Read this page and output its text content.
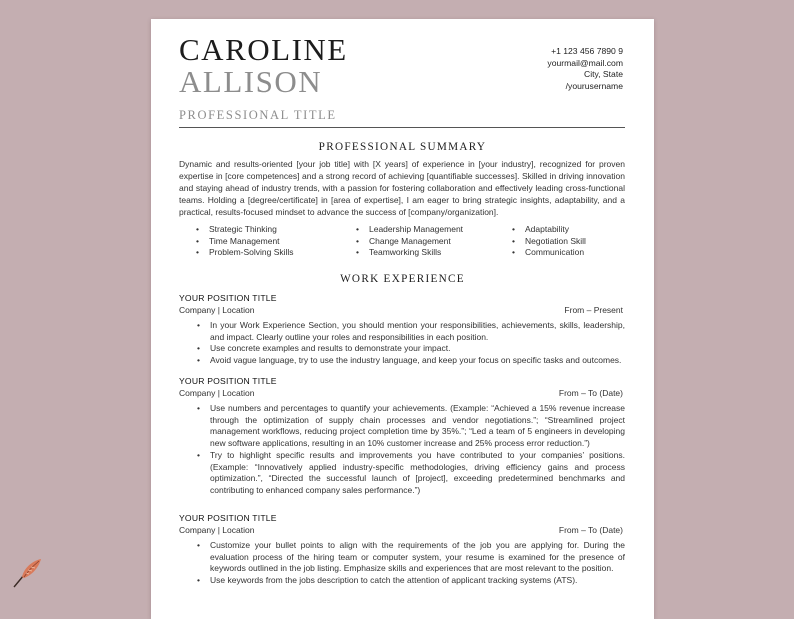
CAROLINE
ALLISON
PROFESSIONAL TITLE
+1 123 456 7890 9
yourmail@mail.com
City, State
/yourusername
PROFESSIONAL SUMMARY
Dynamic and results-oriented [your job title] with [X years] of experience in [your industry], recognized for proven expertise in [core competences] and a strong record of achieving [quantifiable successes]. Skilled in driving innovation and staying ahead of industry trends, with a passion for fostering collaboration and effectively leading cross-functional teams. Holding a [degree/certificate] in [area of expertise], I am eager to bring strategic insights, adaptability, and a practical, results-focused mindset to advance the success of [company/organization].
• Strategic Thinking
• Time Management
• Problem-Solving Skills
• Leadership Management
• Change Management
• Teamworking Skills
• Adaptability
• Negotiation Skill
• Communication
WORK EXPERIENCE
YOUR POSITION TITLE
Company | Location	From – Present
• In your Work Experience Section, you should mention your responsibilities, achievements, skills, leadership, and impact. Clearly outline your roles and responsibilities in each position.
• Use concrete examples and results to demonstrate your impact.
• Avoid vague language, try to use the industry language, and keep your focus on specific tasks and outcomes.
YOUR POSITION TITLE
Company | Location	From – To (Date)
• Use numbers and percentages to quantify your achievements. (Example: “Achieved a 15% revenue increase through the optimization of supply chain processes and vendor negotiations.”; “Streamlined project management workflows, reducing project completion time by 35%.”; “Led a team of 5 engineers in developing new software applications, resulting in an 10% customer increase and 25% process error reduction.”)
• Try to highlight specific results and improvements you have contributed to your companies’ positions. (Example: “Innovatively applied industry-specific methodologies, driving efficiency gains and process optimization.”, “Directed the successful launch of [project], exceeding predetermined benchmarks and contributing to enhanced company sales performance.”)
YOUR POSITION TITLE
Company | Location	From – To (Date)
• Customize your bullet points to align with the requirements of the job you are applying for. During the evaluation process of the hiring team or computer system, your resume is examined for the presence of keywords outlined in the job listing. Emphasize skills and experiences that are most relevant to the position.
• Use keywords from the jobs description to catch the attention of applicant tracking systems (ATS).
